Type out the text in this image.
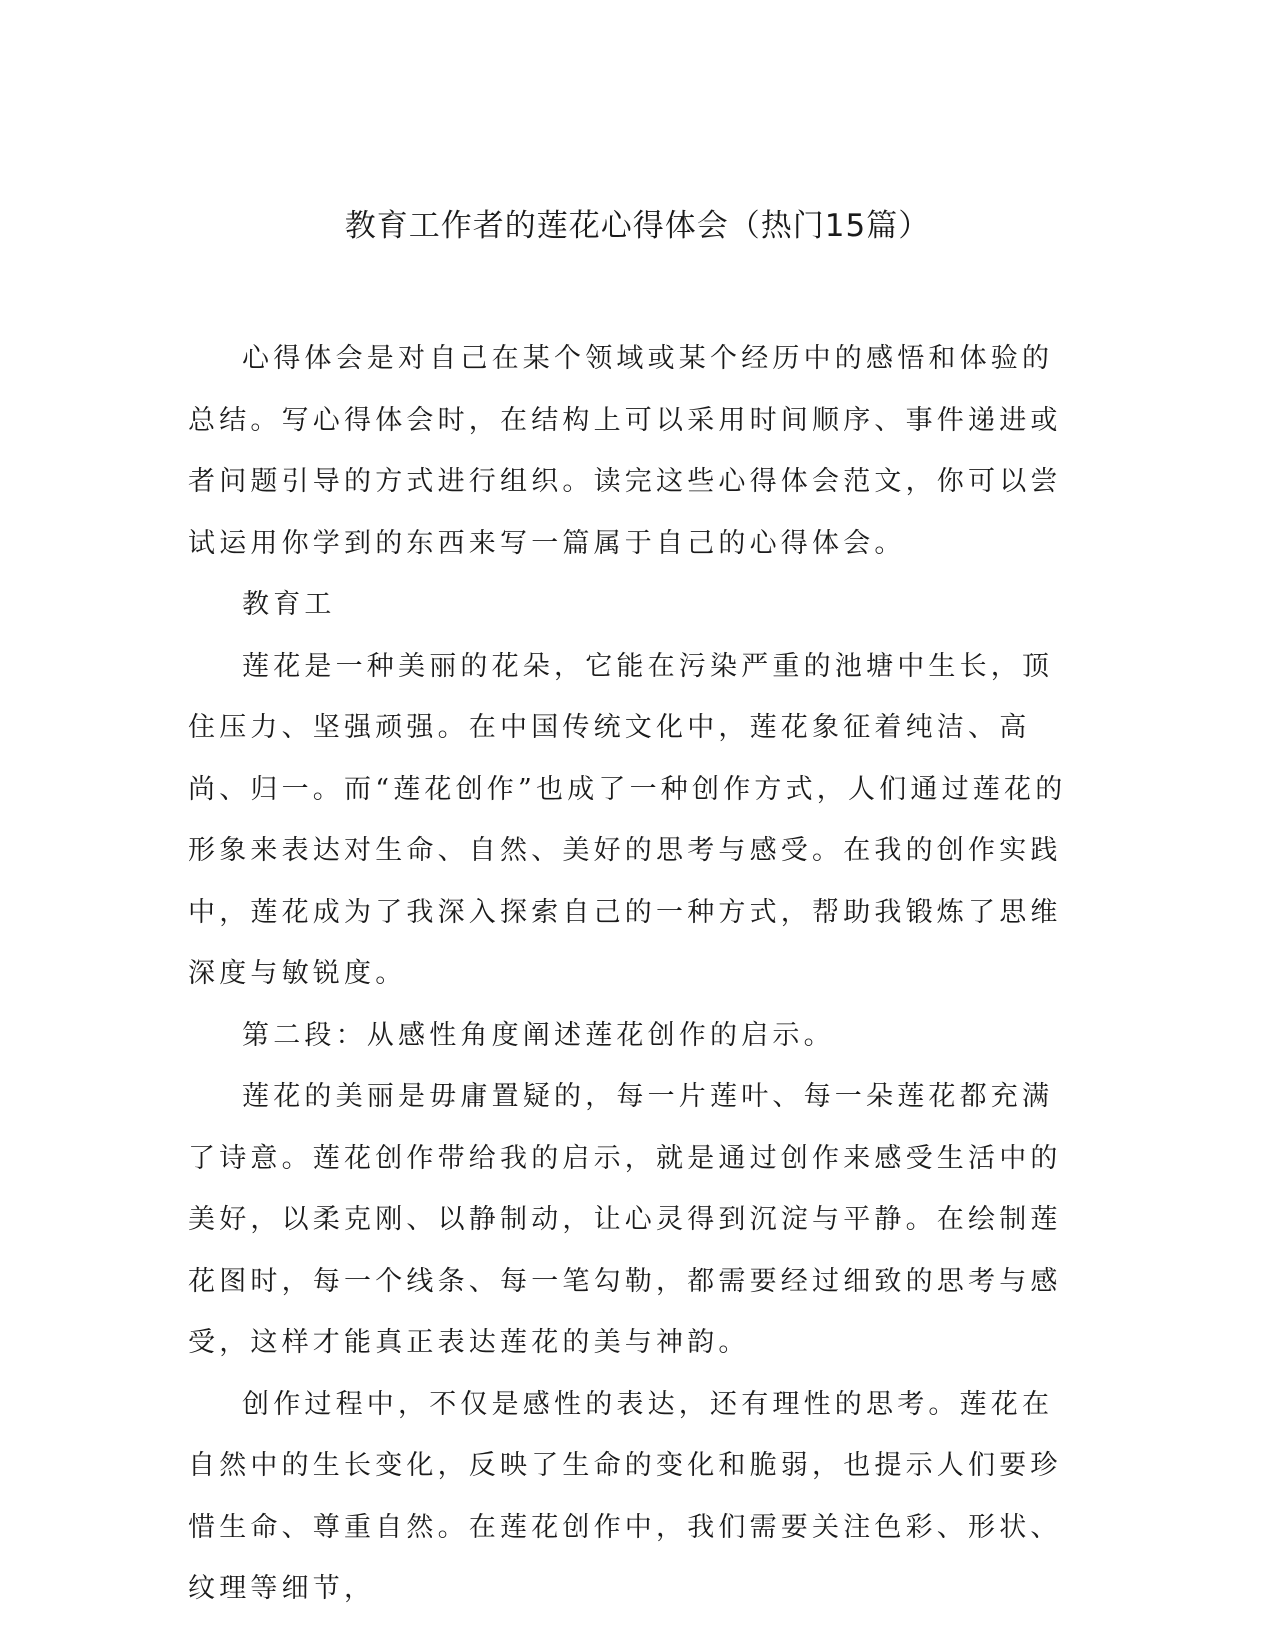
教育工作者的莲花心得体会（热门15篇）

心得体会是对自己在某个领域或某个经历中的感悟和体验的总结。写心得体会时，在结构上可以采用时间顺序、事件递进或者问题引导的方式进行组织。读完这些心得体会范文，你可以尝试运用你学到的东西来写一篇属于自己的心得体会。

教育工

莲花是一种美丽的花朵，它能在污染严重的池塘中生长，顶住压力、坚强顽强。在中国传统文化中，莲花象征着纯洁、高尚、归一。而“莲花创作”也成了一种创作方式，人们通过莲花的形象来表达对生命、自然、美好的思考与感受。在我的创作实践中，莲花成为了我深入探索自己的一种方式，帮助我锻炼了思维深度与敏锐度。

第二段：从感性角度阐述莲花创作的启示。

莲花的美丽是毋庸置疑的，每一片莲叶、每一朵莲花都充满了诗意。莲花创作带给我的启示，就是通过创作来感受生活中的美好，以柔克刚、以静制动，让心灵得到沉淀与平静。在绘制莲花图时，每一个线条、每一笔勾勒，都需要经过细致的思考与感受，这样才能真正表达莲花的美与神韵。

创作过程中，不仅是感性的表达，还有理性的思考。莲花在自然中的生长变化，反映了生命的变化和脆弱，也提示人们要珍惜生命、尊重自然。在莲花创作中，我们需要关注色彩、形状、纹理等细节，
